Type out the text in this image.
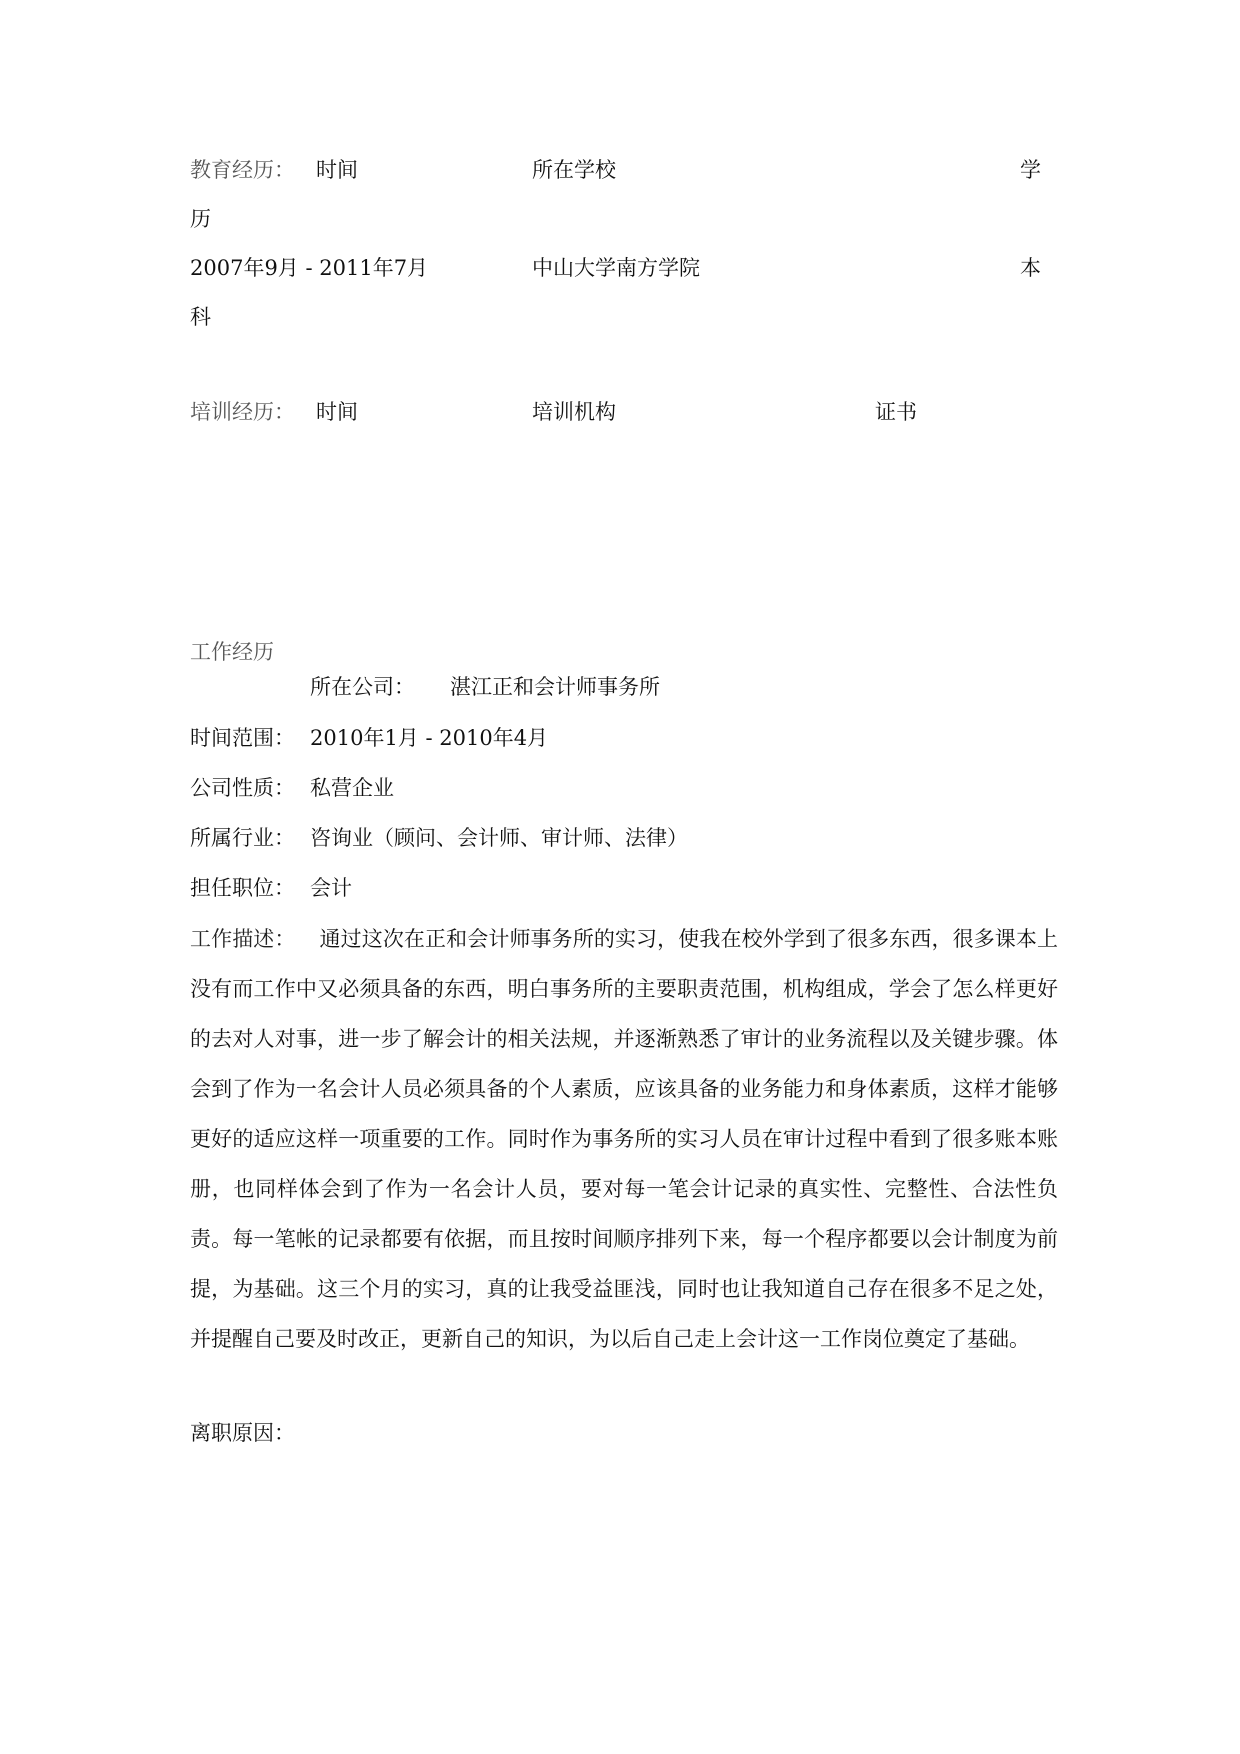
教育经历： 时间	所在学校	学
历
2007年9月 - 2011年7月	中山大学南方学院	本
科
培训经历： 时间	培训机构	证书
工作经历
所在公司： 湛江正和会计师事务所
时间范围： 2010年1月 - 2010年4月
公司性质： 私营企业
所属行业： 咨询业（顾问、会计师、审计师、法律）
担任职位： 会计
工作描述： 通过这次在正和会计师事务所的实习，使我在校外学到了很多东西，很多课本上没有而工作中又必须具备的东西，明白事务所的主要职责范围，机构组成，学会了怎么样更好的去对人对事，进一步了解会计的相关法规，并逐渐熟悉了审计的业务流程以及关键步骤。体会到了作为一名会计人员必须具备的个人素质，应该具备的业务能力和身体素质，这样才能够更好的适应这样一项重要的工作。同时作为事务所的实习人员在审计过程中看到了很多账本账册，也同样体会到了作为一名会计人员，要对每一笔会计记录的真实性、完整性、合法性负责。每一笔帐的记录都要有依据，而且按时间顺序排列下来，每一个程序都要以会计制度为前提，为基础。这三个月的实习，真的让我受益匪浅，同时也让我知道自己存在很多不足之处，并提醒自己要及时改正，更新自己的知识，为以后自己走上会计这一工作岗位奠定了基础。
离职原因：
